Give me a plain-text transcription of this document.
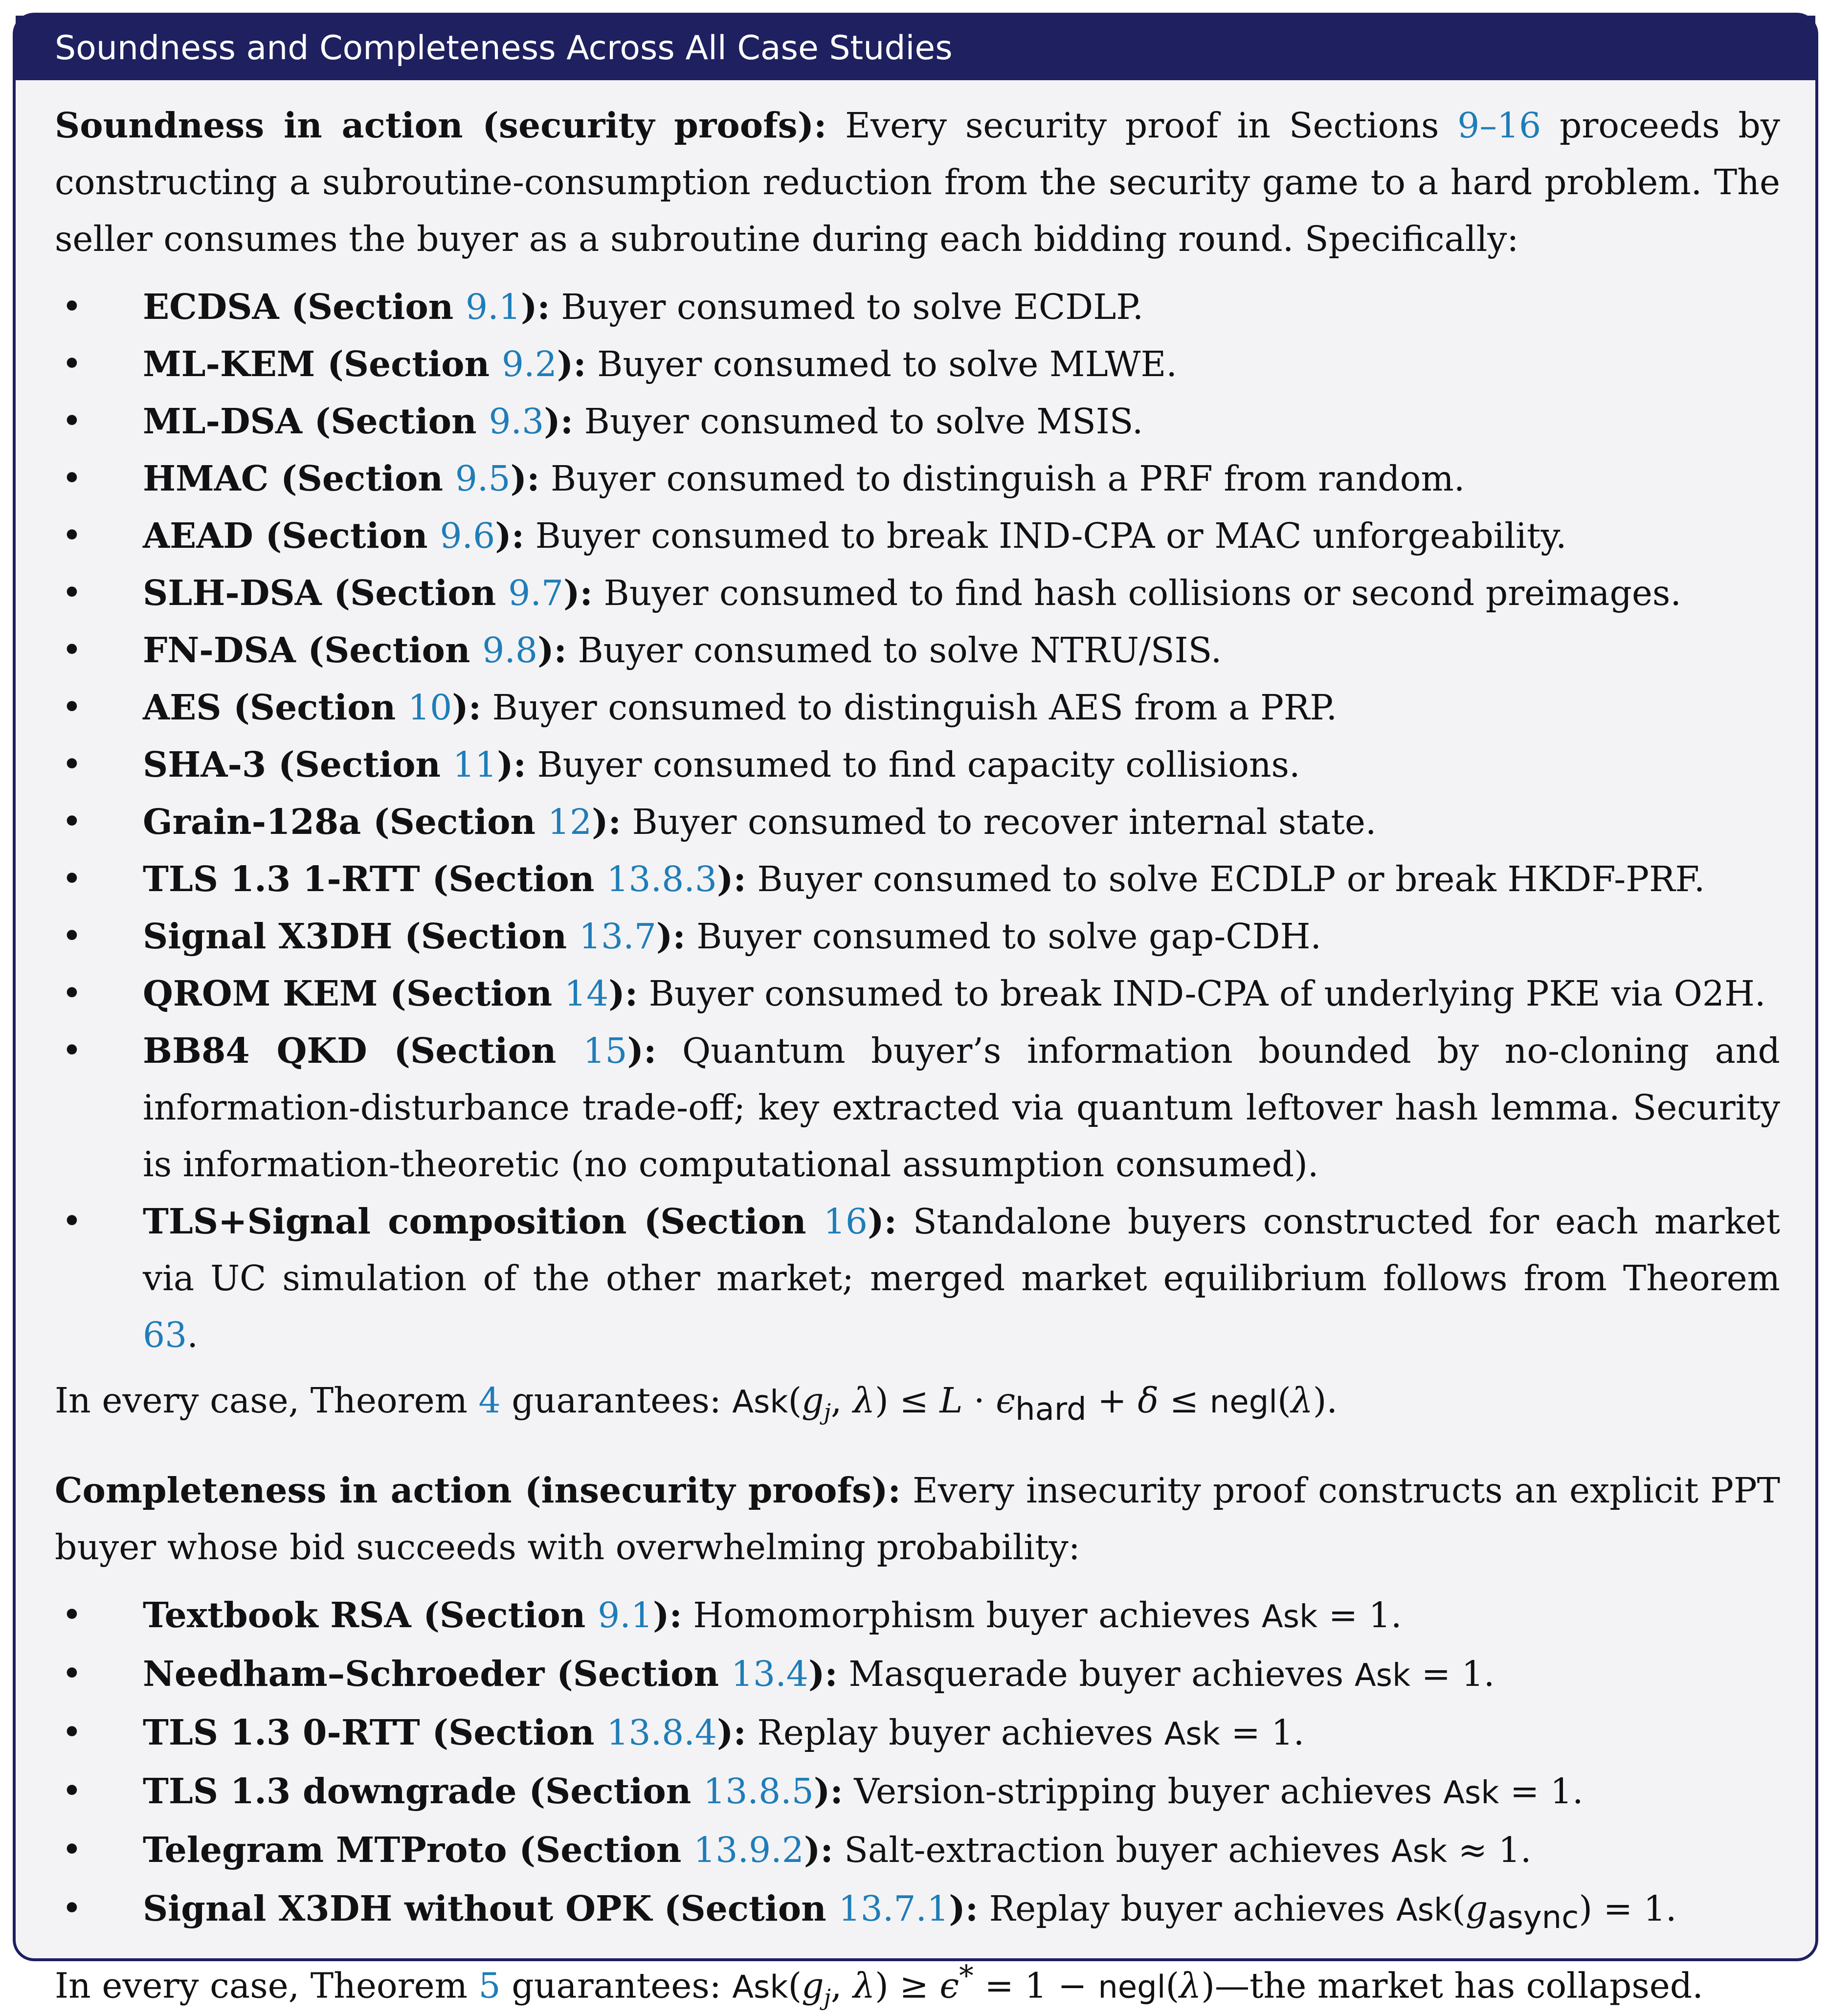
Soundness and Completeness Across All Case Studies

Soundness in action (security proofs): Every security proof in Sections 9–16 proceeds by constructing a subroutine-consumption reduction from the security game to a hard problem. The seller consumes the buyer as a subroutine during each bidding round. Specifically:

• ECDSA (Section 9.1): Buyer consumed to solve ECDLP.
• ML-KEM (Section 9.2): Buyer consumed to solve MLWE.
• ML-DSA (Section 9.3): Buyer consumed to solve MSIS.
• HMAC (Section 9.5): Buyer consumed to distinguish a PRF from random.
• AEAD (Section 9.6): Buyer consumed to break IND-CPA or MAC unforgeability.
• SLH-DSA (Section 9.7): Buyer consumed to find hash collisions or second preimages.
• FN-DSA (Section 9.8): Buyer consumed to solve NTRU/SIS.
• AES (Section 10): Buyer consumed to distinguish AES from a PRP.
• SHA-3 (Section 11): Buyer consumed to find capacity collisions.
• Grain-128a (Section 12): Buyer consumed to recover internal state.
• TLS 1.3 1-RTT (Section 13.8.3): Buyer consumed to solve ECDLP or break HKDF-PRF.
• Signal X3DH (Section 13.7): Buyer consumed to solve gap-CDH.
• QROM KEM (Section 14): Buyer consumed to break IND-CPA of underlying PKE via O2H.
• BB84 QKD (Section 15): Quantum buyer’s information bounded by no-cloning and information-disturbance trade-off; key extracted via quantum leftover hash lemma. Security is information-theoretic (no computational assumption consumed).
• TLS+Signal composition (Section 16): Standalone buyers constructed for each market via UC simulation of the other market; merged market equilibrium follows from Theorem 63.

In every case, Theorem 4 guarantees: $Ask(g_j$, $\lambda) \le L \cdot \epsilon_{hard} + \delta$ ≤ negl(λ).

Completeness in action (insecurity proofs): Every insecurity proof constructs an explicit PPT buyer whose bid succeeds with overwhelming probability:

• Textbook RSA (Section 9.1): Homomorphism buyer achieves Ask = 1.
• Needham–Schroeder (Section 13.4): Masquerade buyer achieves Ask = 1.
• TLS 1.3 0-RTT (Section 13.8.4): Replay buyer achieves Ask = 1.
• TLS 1.3 downgrade (Section 13.8.5): Version-stripping buyer achieves Ask = 1.
• Telegram MTProto (Section 13.9.2): Salt-extraction buyer achieves Ask ≈ 1.
• Signal X3DH without OPK (Section 13.7.1): Replay buyer achieves $Ask(g_{async}) = 1$.

In every case, Theorem 5 guarantees: $Ask(g_j$, λ) ≥ ϵ* = 1 − negl(λ)—the market has collapsed.
